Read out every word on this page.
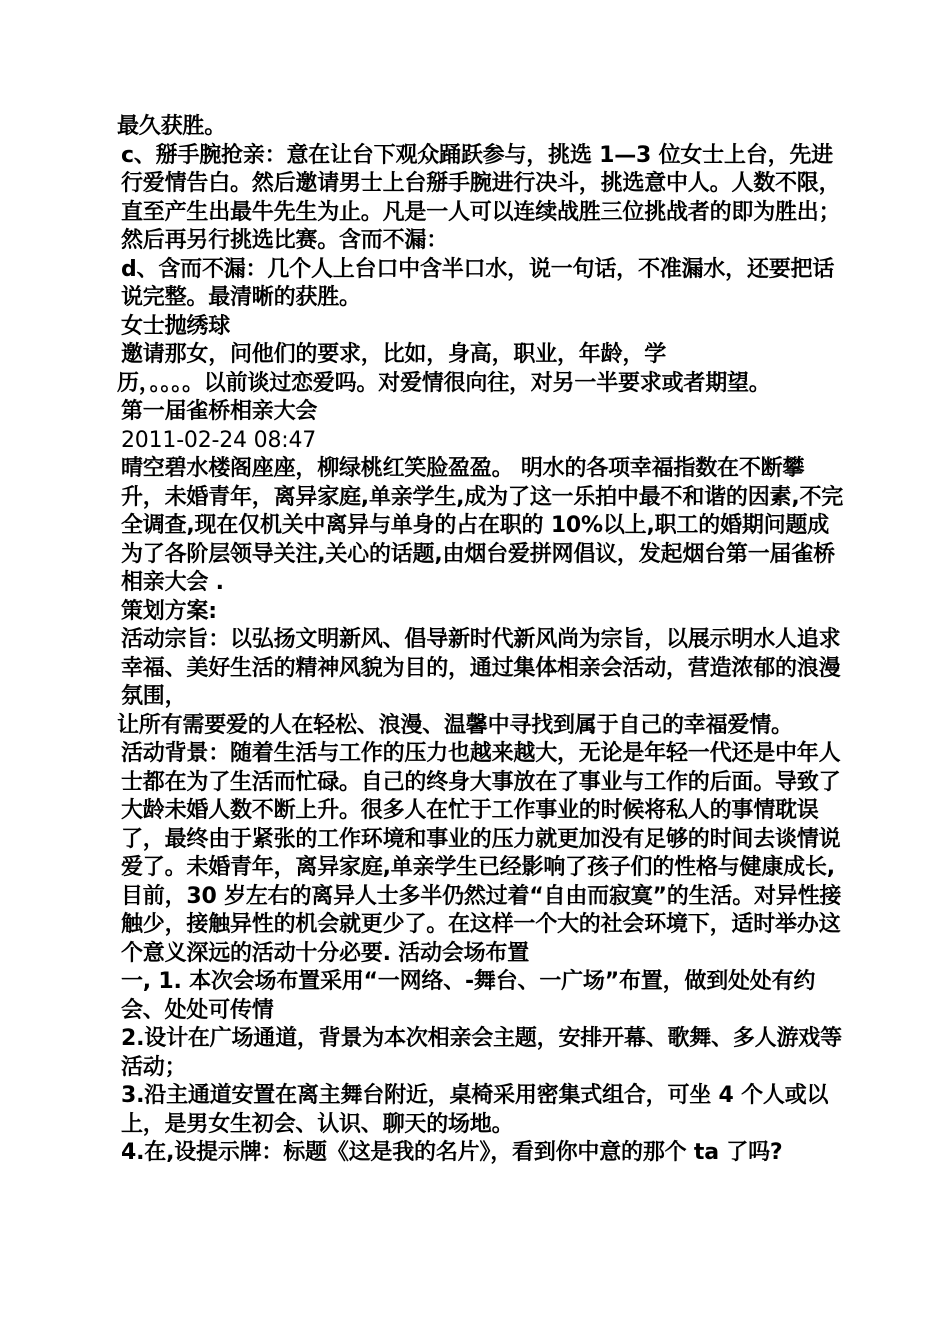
最久获胜。

c、掰手腕抢亲：意在让台下观众踊跃参与，挑选 1—3 位女士上台，先进行爱情告白。然后邀请男士上台掰手腕进行决斗，挑选意中人。人数不限，直至产生出最牛先生为止。凡是一人可以连续战胜三位挑战者的即为胜出；然后再另行挑选比赛。含而不漏：

d、含而不漏：几个人上台口中含半口水，说一句话，不准漏水，还要把话说完整。最清晰的获胜。

女士抛绣球

邀请那女，问他们的要求，比如，身高，职业，年龄，学

历，。。。。以前谈过恋爱吗。对爱情很向往，对另一半要求或者期望。

第一届雀桥相亲大会

2011-02-24 08:47

晴空碧水楼阁座座，柳绿桃红笑脸盈盈。 明水的各项幸福指数在不断攀

升，未婚青年，离异家庭,单亲学生,成为了这一乐拍中最不和谐的因素,不完全调查,现在仅机关中离异与单身的占在职的 10%以上,职工的婚期问题成为了各阶层领导关注,关心的话题,由烟台爱拼网倡议，发起烟台第一届雀桥相亲大会 .

策划方案:

活动宗旨：以弘扬文明新风、倡导新时代新风尚为宗旨，以展示明水人追求幸福、美好生活的精神风貌为目的，通过集体相亲会活动，营造浓郁的浪漫氛围，

让所有需要爱的人在轻松、浪漫、温馨中寻找到属于自己的幸福爱情。

活动背景：随着生活与工作的压力也越来越大，无论是年轻一代还是中年人士都在为了生活而忙碌。自己的终身大事放在了事业与工作的后面。导致了大龄未婚人数不断上升。很多人在忙于工作事业的时候将私人的事情耽误了，最终由于紧张的工作环境和事业的压力就更加没有足够的时间去谈情说爱了。未婚青年，离异家庭,单亲学生已经影响了孩子们的性格与健康成长,目前，30 岁左右的离异人士多半仍然过着“自由而寂寞”的生活。对异性接触少，接触异性的机会就更少了。在这样一个大的社会环境下，适时举办这个意义深远的活动十分必要. 活动会场布置

一, 1. 本次会场布置采用“一网络、-舞台、一广场”布置，做到处处有约会、处处可传情

2.设计在广场通道，背景为本次相亲会主题，安排开幕、歌舞、多人游戏等活动；

3.沿主通道安置在离主舞台附近，桌椅采用密集式组合，可坐 4 个人或以上，是男女生初会、认识、聊天的场地。

4.在,设提示牌：标题《这是我的名片》，看到你中意的那个 ta 了吗?
